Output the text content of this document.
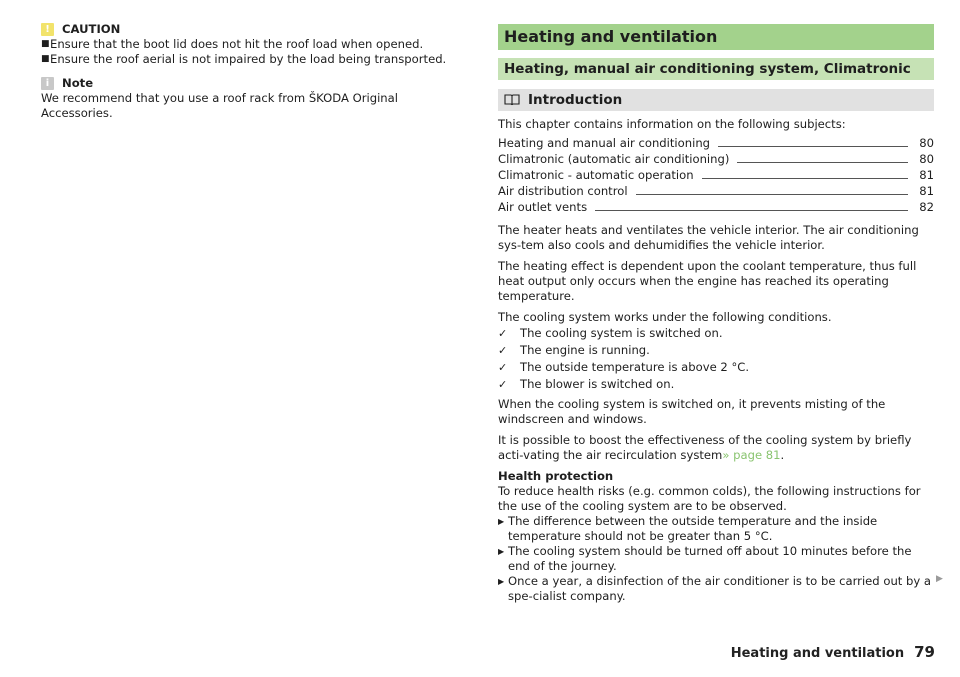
!	CAUTION
■ Ensure that the boot lid does not hit the roof load when opened.
■ Ensure the roof aerial is not impaired by the load being transported.
i	Note
We recommend that you use a roof rack from ŠKODA Original Accessories.
Heating and ventilation
Heating, manual air conditioning system, Climatronic
Introduction

This chapter contains information on the following subjects:

Heating and manual air conditioning	80
Climatronic (automatic air conditioning)	80
Climatronic - automatic operation	81
Air distribution control	81
Air outlet vents	82

The heater heats and ventilates the vehicle interior. The air conditioning sys-tem also cools and dehumidifies the vehicle interior.

The heating effect is dependent upon the coolant temperature, thus full heat output only occurs when the engine has reached its operating temperature.

The cooling system works under the following conditions.

✓	The cooling system is switched on.
✓	The engine is running.
✓	The outside temperature is above 2 °C.
✓	The blower is switched on.

When the cooling system is switched on, it prevents misting of the windscreen and windows.

It is possible to boost the effectiveness of the cooling system by briefly acti-vating the air recirculation system» page 81.

Health protection
To reduce health risks (e.g. common colds), the following instructions for the use of the cooling system are to be observed.
▶ The difference between the outside temperature and the inside temperature should not be greater than 5 °C.
▶ The cooling system should be turned off about 10 minutes before the end of the journey.
▶ Once a year, a disinfection of the air conditioner is to be carried out by a spe-cialist company.
▶
Heating and ventilation 79
